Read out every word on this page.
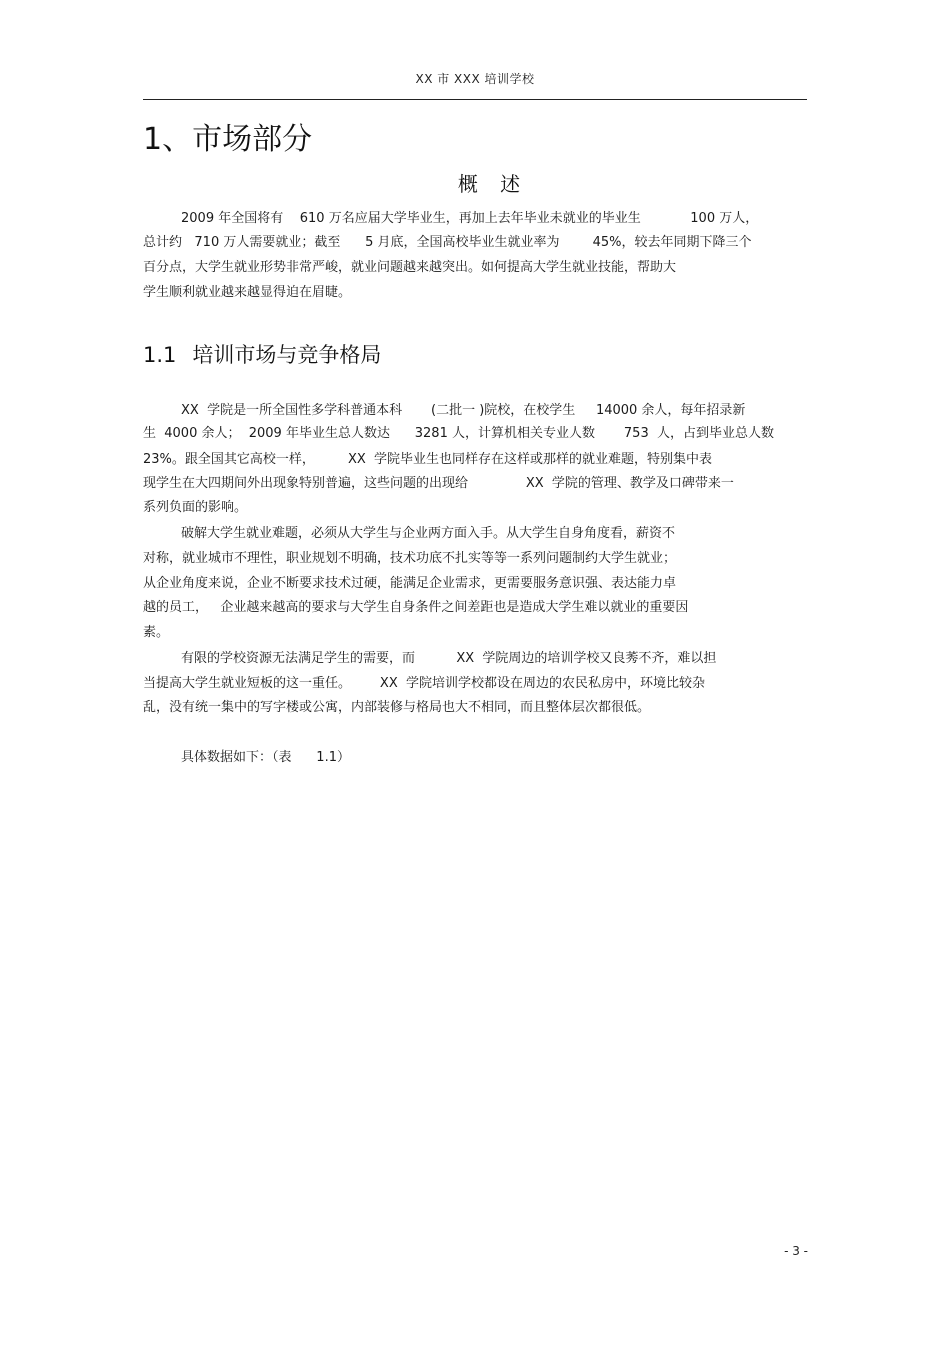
XX 市 XXX 培训学校
1、市场部分
概 述
2009 年全国将有    610 万名应届大学毕业生，再加上去年毕业未就业的毕业生            100 万人，
总计约   710 万人需要就业；截至      5 月底，全国高校毕业生就业率为        45%，较去年同期下降三个
百分点，大学生就业形势非常严峻，就业问题越来越突出。如何提高大学生就业技能，帮助大
学生顺利就业越来越显得迫在眉睫。
1.1 培训市场与竞争格局
XX  学院是一所全国性多学科普通本科       (二批一 )院校，在校学生     14000 余人，每年招录新
生  4000 余人；  2009 年毕业生总人数达      3281 人，计算机相关专业人数       753  人，占到毕业总人数
23%。跟全国其它高校一样，        XX  学院毕业生也同样存在这样或那样的就业难题，特别集中表
现学生在大四期间外出现象特别普遍，这些问题的出现给              XX  学院的管理、教学及口碑带来一
系列负面的影响。
破解大学生就业难题，必须从大学生与企业两方面入手。从大学生自身角度看，薪资不
对称，就业城市不理性，职业规划不明确，技术功底不扎实等等一系列问题制约大学生就业；
从企业角度来说，企业不断要求技术过硬，能满足企业需求，更需要服务意识强、表达能力卓
越的员工，   企业越来越高的要求与大学生自身条件之间差距也是造成大学生难以就业的重要因
素。
有限的学校资源无法满足学生的需要，而          XX  学院周边的培训学校又良莠不齐，难以担
当提高大学生就业短板的这一重任。       XX  学院培训学校都设在周边的农民私房中，环境比较杂
乱，没有统一集中的写字楼或公寓，内部装修与格局也大不相同，而且整体层次都很低。
具体数据如下：（表      1.1）
- 3 -
